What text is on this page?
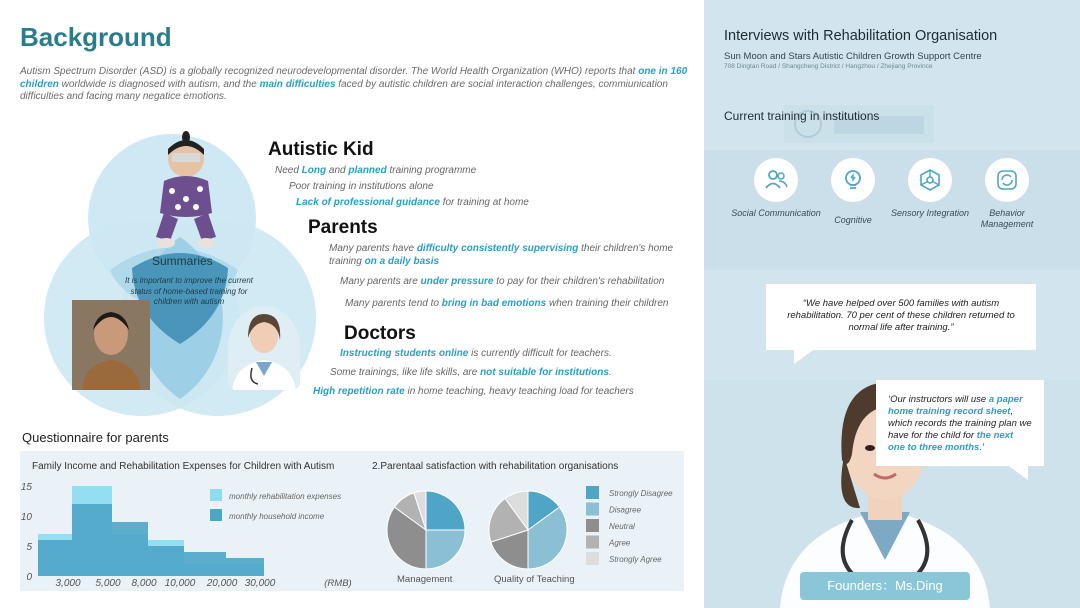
Background
Autism Spectrum Disorder (ASD) is a globally recognized neurodevelopmental disorder. The World Health Organization (WHO) reports that one in 160 children worldwide is diagnosed with autism, and the main difficulties faced by autistic children are social interaction challenges, commiunication difficulties and facing many negatice emotions.
Summaries
It is important to improve the current status of home-based training for children with autism
Autistic Kid
Need Long and planned training programme
Poor training in institutions alone
Lack of professional guidance for training at home
Parents
Many parents have difficulty consistently supervising their children's home
training on a daily basis
Many parents are under pressure to pay for their children's rehabilitation
Many parents tend to bring in bad emotions when training their children
Doctors
Instructing students online is currently difficult for teachers.
Some trainings, like life skills, are not suitable for institutions.
High repetition rate in home teaching, heavy teaching load for teachers
Questionnaire for parents
Family Income and Rehabilitation Expenses for Children with Autism	2.Parentaal satisfaction with rehabilitation organisations
0
5
10
15
3,000 5,000 8,000 10,000 20,000 30,000	(RMB)
monthly rehabilitation expenses
monthly household income
Strongly Disagree
Disagree
Neutral
Agree
Strongly Agree
Management	Quality of Teaching
Interviews with Rehabilitation Organisation
Sun Moon and Stars Autistic Children Growth Support Centre
708 Dingtan Road / Shangcheng District / Hangzhou / Zhejiang Province
Current training in institutions
Social Communication
Cognitive
Sensory Integration	Behavior Management
“We have helped over 500 families with autism rehabilitation. 70 per cent of these children returned to normal life after training.”
‘Our instructors will use a paper home training record sheet, which records the training plan we have for the child for the next one to three months.’
Founders：Ms.Ding
